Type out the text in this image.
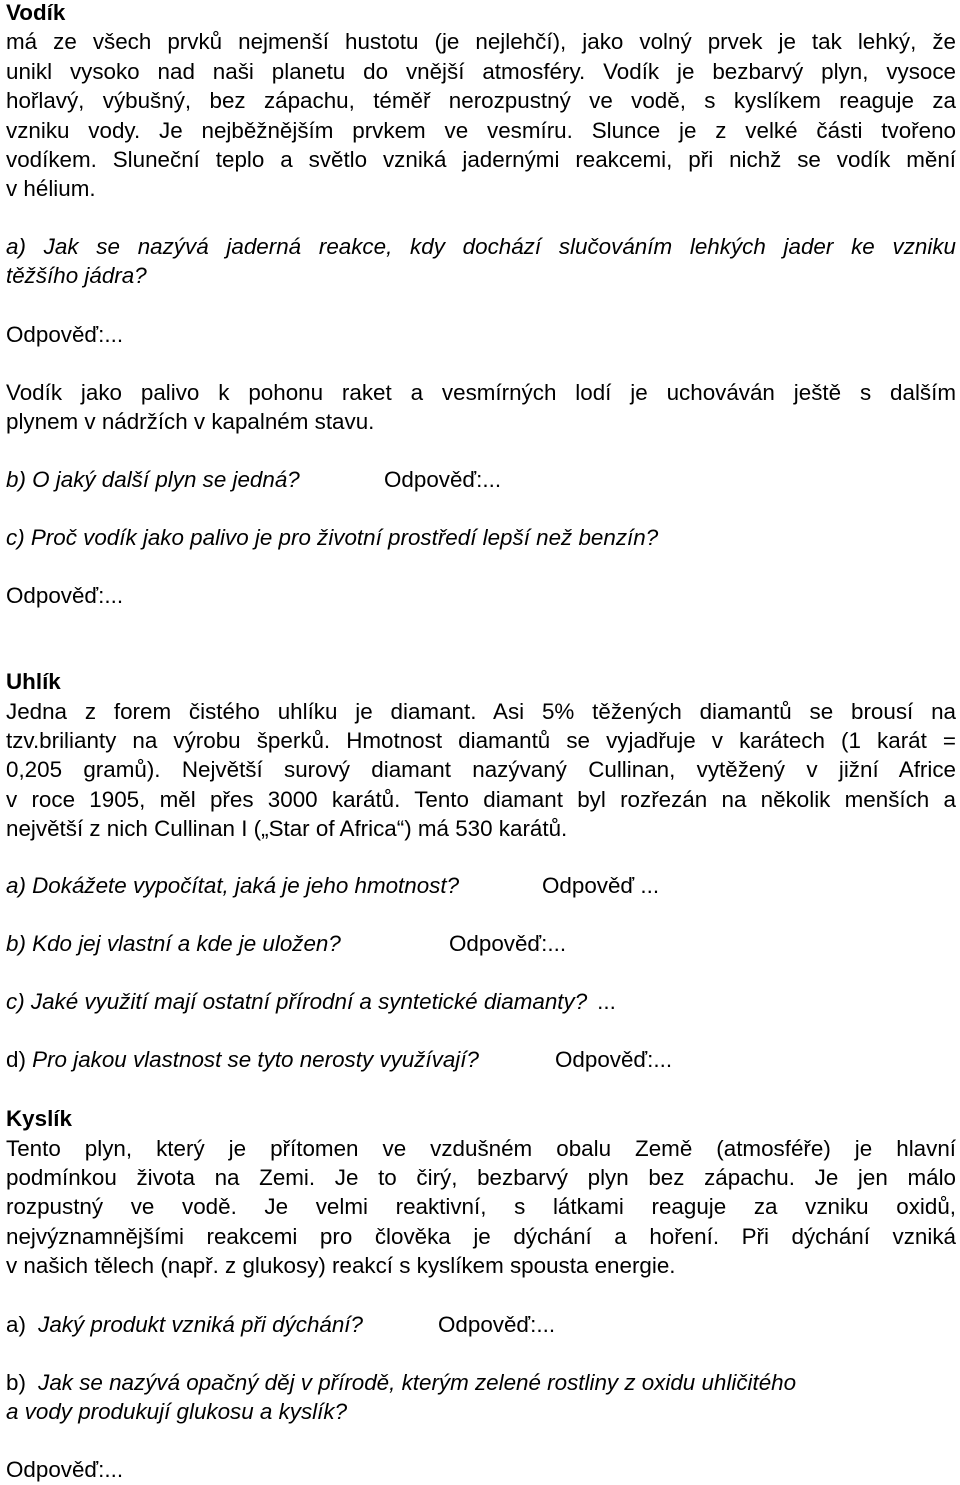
Vodík
má ze všech prvků nejmenší hustotu (je nejlehčí), jako volný prvek je tak lehký, že
unikl vysoko nad naši planetu do vnější atmosféry. Vodík je bezbarvý plyn, vysoce
hořlavý, výbušný, bez zápachu, téměř nerozpustný ve vodě, s kyslíkem reaguje za
vzniku vody. Je nejběžnějším prvkem ve vesmíru. Slunce je z velké části tvořeno
vodíkem. Sluneční teplo a světlo vzniká jadernými reakcemi, při nichž se vodík mění
v hélium.
a) Jak se nazývá jaderná reakce, kdy dochází slučováním lehkých jader ke vzniku
těžšího jádra?
Odpověď:...
Vodík jako palivo k pohonu raket a vesmírných lodí je uchováván ještě s dalším
plynem v nádržích v kapalném stavu.
b) O jaký další plyn se jedná?	Odpověď:...
c) Proč vodík jako palivo je pro životní prostředí lepší než benzín?
Odpověď:...
Uhlík
Jedna z forem čistého uhlíku je diamant. Asi 5% těžených diamantů se brousí na
tzv.brilianty na výrobu šperků. Hmotnost diamantů se vyjadřuje v karátech (1 karát =
0,205 gramů). Největší surový diamant nazývaný Cullinan, vytěžený v jižní Africe
v roce 1905, měl přes 3000 karátů. Tento diamant byl rozřezán na několik menších a
největší z nich Cullinan I („Star of Africa“) má 530 karátů.
a) Dokážete vypočítat, jaká je jeho hmotnost?	Odpověď ...
b) Kdo jej vlastní a kde je uložen?	Odpověď:...
c) Jaké využití mají ostatní přírodní a syntetické diamanty? ...
d) Pro jakou vlastnost se tyto nerosty využívají?	Odpověď:...
Kyslík
Tento plyn, který je přítomen ve vzdušném obalu Země (atmosféře) je hlavní
podmínkou života na Zemi. Je to čirý, bezbarvý plyn bez zápachu. Je jen málo
rozpustný ve vodě. Je velmi reaktivní, s látkami reaguje za vzniku oxidů,
nejvýznamnějšími reakcemi pro člověka je dýchání a hoření. Při dýchání vzniká
v našich tělech (např. z glukosy) reakcí s kyslíkem spousta energie.
a) Jaký produkt vzniká při dýchání?	Odpověď:...
b) Jak se nazývá opačný děj v přírodě, kterým zelené rostliny z oxidu uhličitého
a vody produkují glukosu a kyslík?
Odpověď:...
